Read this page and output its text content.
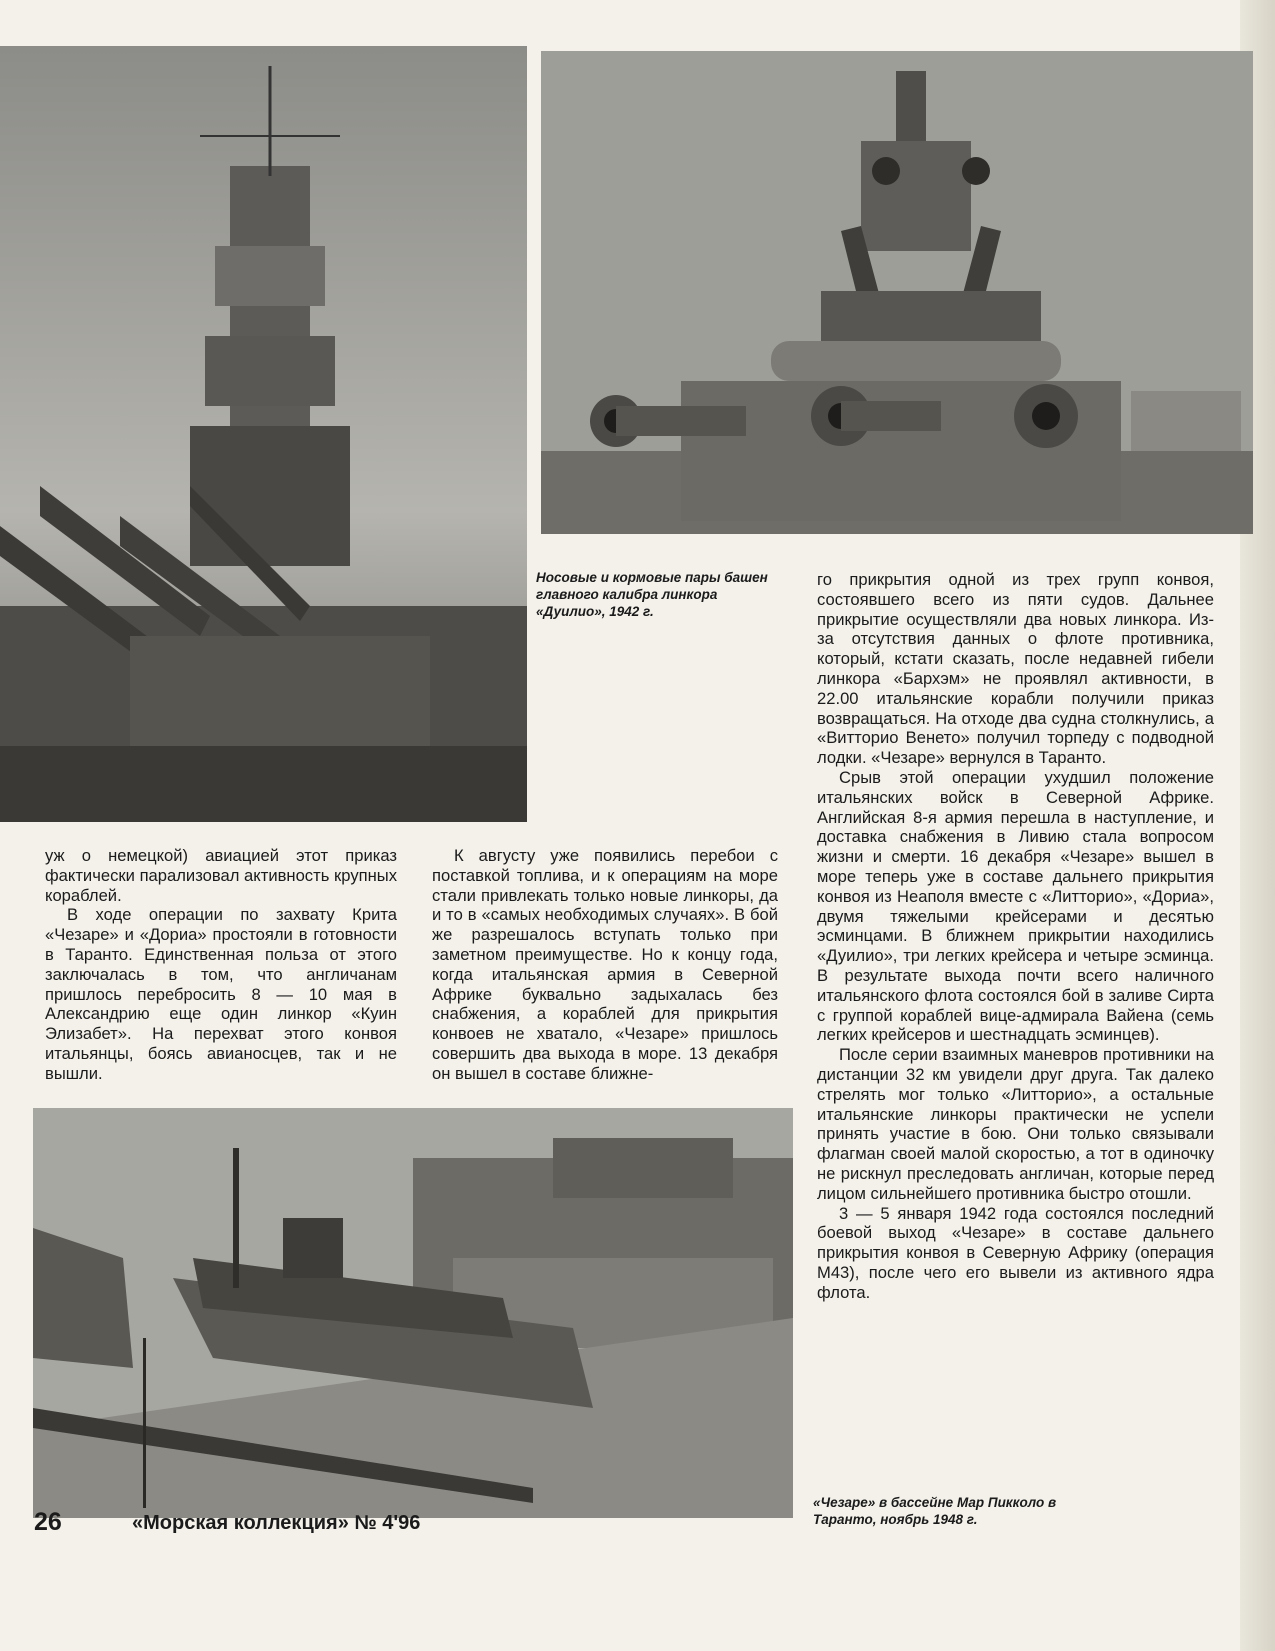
Носовые и кормовые пары башен главного калибра линкора «Дуилио», 1942 г.

уж о немецкой) авиацией этот приказ фактически парализовал активность крупных кораблей.

В ходе операции по захвату Крита «Чезаре» и «Дориа» простояли в готовности в Таранто. Единственная польза от этого заключалась в том, что англичанам пришлось перебросить 8 — 10 мая в Александрию еще один линкор «Куин Элизабет». На перехват этого конвоя итальянцы, боясь авианосцев, так и не вышли.

К августу уже появились перебои с поставкой топлива, и к операциям на море стали привлекать только новые линкоры, да и то в «самых необходимых случаях». В бой же разрешалось вступать только при заметном преимуществе. Но к концу года, когда итальянская армия в Северной Африке буквально задыхалась без снабжения, а кораблей для прикрытия конвоев не хватало, «Чезаре» пришлось совершить два выхода в море. 13 декабря он вышел в составе ближне-

го прикрытия одной из трех групп конвоя, состоявшего всего из пяти судов. Дальнее прикрытие осуществляли два новых линкора. Из-за отсутствия данных о флоте противника, который, кстати сказать, после недавней гибели линкора «Бархэм» не проявлял активности, в 22.00 итальянские корабли получили приказ возвращаться. На отходе два судна столкнулись, а «Витторио Венето» получил торпеду с подводной лодки. «Чезаре» вернулся в Таранто.

Срыв этой операции ухудшил положение итальянских войск в Северной Африке. Английская 8-я армия перешла в наступление, и доставка снабжения в Ливию стала вопросом жизни и смерти. 16 декабря «Чезаре» вышел в море теперь уже в составе дальнего прикрытия конвоя из Неаполя вместе с «Литторио», «Дориа», двумя тяжелыми крейсерами и десятью эсминцами. В ближнем прикрытии находились «Дуилио», три легких крейсера и четыре эсминца. В результате выхода почти всего наличного итальянского флота состоялся бой в заливе Сирта с группой кораблей вице-адмирала Вайена (семь легких крейсеров и шестнадцать эсминцев).

После серии взаимных маневров противники на дистанции 32 км увидели друг друга. Так далеко стрелять мог только «Литторио», а остальные итальянские линкоры практически не успели принять участие в бою. Они только связывали флагман своей малой скоростью, а тот в одиночку не рискнул преследовать англичан, которые перед лицом сильнейшего противника быстро отошли.

3 — 5 января 1942 года состоялся последний боевой выход «Чезаре» в составе дальнего прикрытия конвоя в Северную Африку (операция М43), после чего его вывели из активного ядра флота.

«Чезаре» в бассейне Мар Пикколо в Таранто, ноябрь 1948 г.
26	«Морская коллекция» № 4'96
